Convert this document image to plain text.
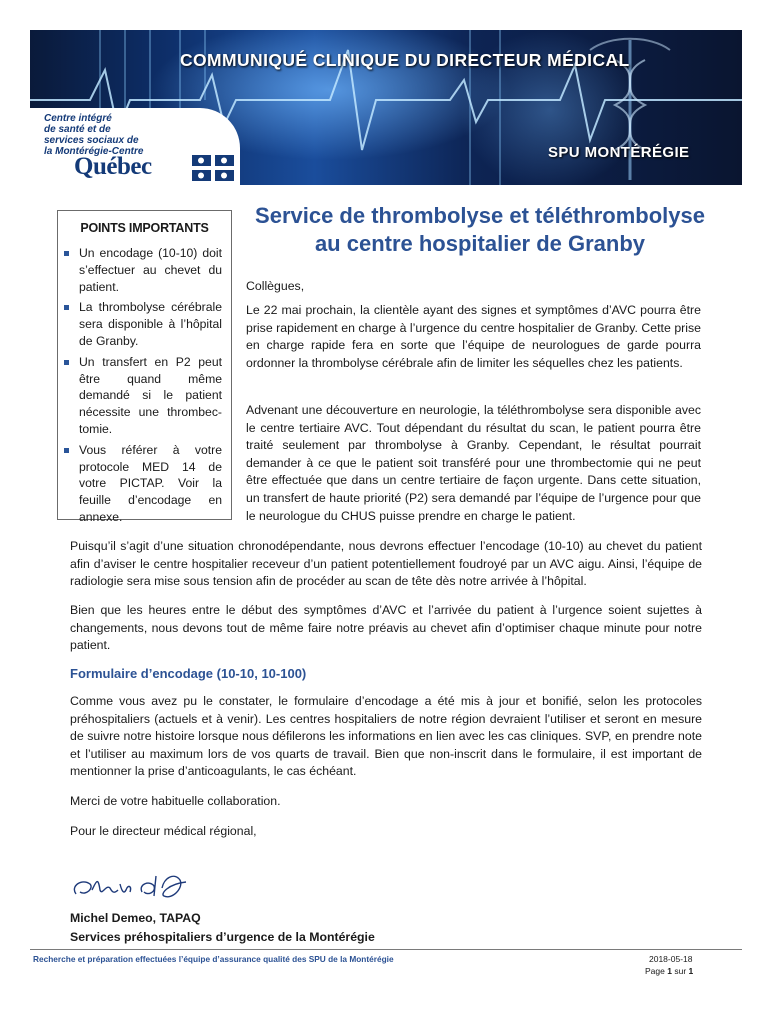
Centre intégré
de santé et de
services sociaux de
la Montérégie-Centre
Québec
COMMUNIQUÉ CLINIQUE DU DIRECTEUR MÉDICAL
SPU MONTÉRÉGIE
POINTS IMPORTANTS
Un encodage (10-10) doit s’effectuer au chevet du patient.
La thrombolyse cérébrale sera disponible à l’hôpital de Granby.
Un transfert en P2 peut être quand même demandé si le patient nécessite une thrombec-tomie.
Vous référer à votre protocole MED 14 de votre PICTAP. Voir la feuille d’encodage en annexe.
Service de thrombolyse et téléthrombolyse au centre hospitalier de Granby
Collègues,
Le 22 mai prochain, la clientèle ayant des signes et symptômes d’AVC pourra être prise rapidement en charge à l’urgence du centre hospitalier de Granby. Cette prise en charge rapide fera en sorte que l’équipe de neurologues de garde pourra ordonner la thrombolyse cérébrale afin de limiter les séquelles chez les patients.
Advenant une découverture en neurologie, la téléthrombolyse sera disponible avec le centre tertiaire AVC. Tout dépendant du résultat du scan, le patient pourra être traité seulement par thrombolyse à Granby. Cependant, le résultat pourrait demander à ce que le patient soit transféré pour une thrombectomie qui ne peut être effectuée que dans un centre tertiaire de façon urgente. Dans cette situation, un transfert de haute priorité (P2) sera demandé par l’équipe de l’urgence pour que le neurologue du CHUS puisse prendre en charge le patient.
Puisqu’il s’agit d’une situation chronodépendante, nous devrons effectuer l’encodage (10-10) au chevet du patient afin d’aviser le centre hospitalier receveur d’un patient potentiellement foudroyé par un AVC aigu. Ainsi, l’équipe de radiologie sera mise sous tension afin de procéder au scan de tête dès notre arrivée à l’hôpital.
Bien que les heures entre le début des symptômes d’AVC et l’arrivée du patient à l’urgence soient sujettes à changements, nous devons tout de même faire notre préavis au chevet afin d’optimiser chaque minute pour notre patient.
Formulaire d’encodage (10-10, 10-100)
Comme vous avez pu le constater, le formulaire d’encodage a été mis à jour et bonifié, selon les protocoles préhospitaliers (actuels et à venir). Les centres hospitaliers de notre région devraient l’utiliser et seront en mesure de suivre notre histoire lorsque nous défilerons les informations en lien avec les cas cliniques. SVP, en prendre note et l’utiliser au maximum lors de vos quarts de travail. Bien que non-inscrit dans le formulaire, il est important de mentionner la prise d’anticoagulants, le cas échéant.
Merci de votre habituelle collaboration.
Pour le directeur médical régional,
Michel Demeo, TAPAQ
Services préhospitaliers d’urgence de la Montérégie
Recherche et préparation effectuées l’équipe d’assurance qualité des SPU de la Montérégie	2018-05-18
Page 1 sur 1
